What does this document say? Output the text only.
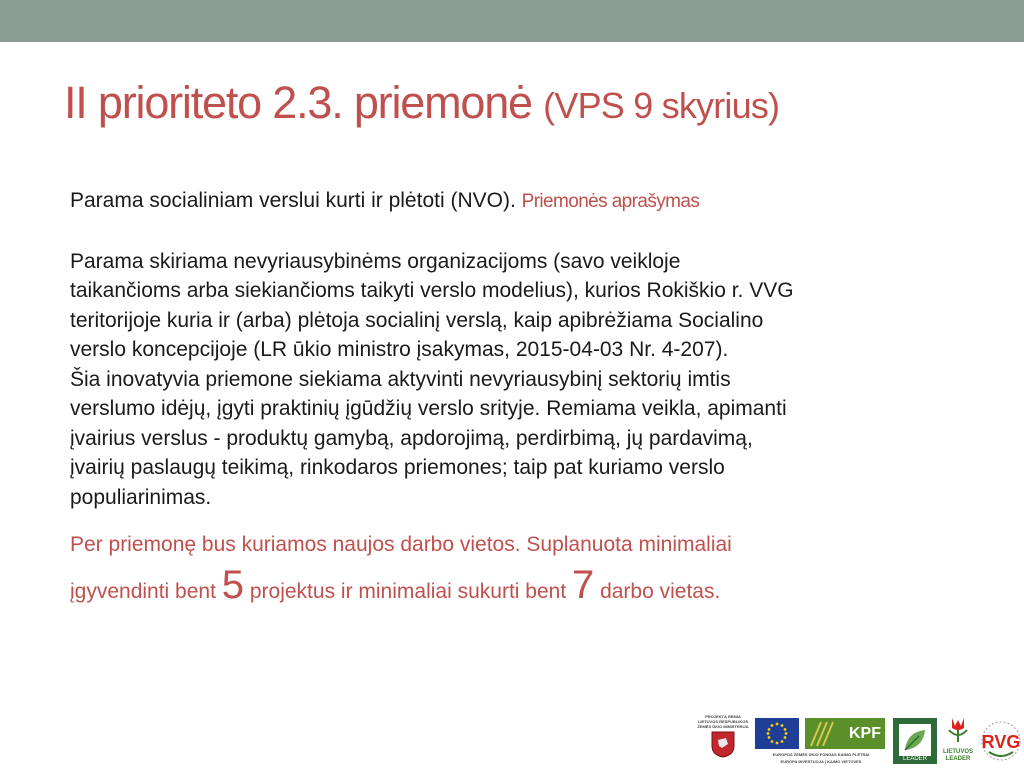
II prioriteto 2.3. priemonė (VPS 9 skyrius)

Parama socialiniam verslui kurti ir plėtoti (NVO). Priemonės aprašymas

Parama skiriama nevyriausybinėms organizacijoms (savo veikloje
taikančioms arba siekiančioms taikyti verslo modelius), kurios Rokiškio r. VVG
teritorijoje kuria ir (arba) plėtoja socialinį verslą, kaip apibrėžiama Socialino
verslo koncepcijoje (LR ūkio ministro įsakymas, 2015-04-03 Nr. 4-207).
Šia inovatyvia priemone siekiama aktyvinti nevyriausybinį sektorių imtis
verslumo idėjų, įgyti praktinių įgūdžių verslo srityje. Remiama veikla, apimanti
įvairius verslus - produktų gamybą, apdorojimą, perdirbimą, jų pardavimą,
įvairių paslaugų teikimą, rinkodaros priemones; taip pat kuriamo verslo
populiarinimas.

Per priemonę bus kuriamos naujos darbo vietos. Suplanuota minimaliai
įgyvendinti bent 5 projektus ir minimaliai sukurti bent 7 darbo vietas.

PROJEKTĄ REMIA LIETUVOS RESPUBLIKOS ŽEMĖS ŪKIO MINISTERIJA	KPF
EUROPOS ŽEMĖS ŪKIO FONDAS KAIMO PLĖTRAI
EUROPA INVESTUOJA Į KAIMO VIETOVES	LEADER
LIETUVOS LEADER
RVG
